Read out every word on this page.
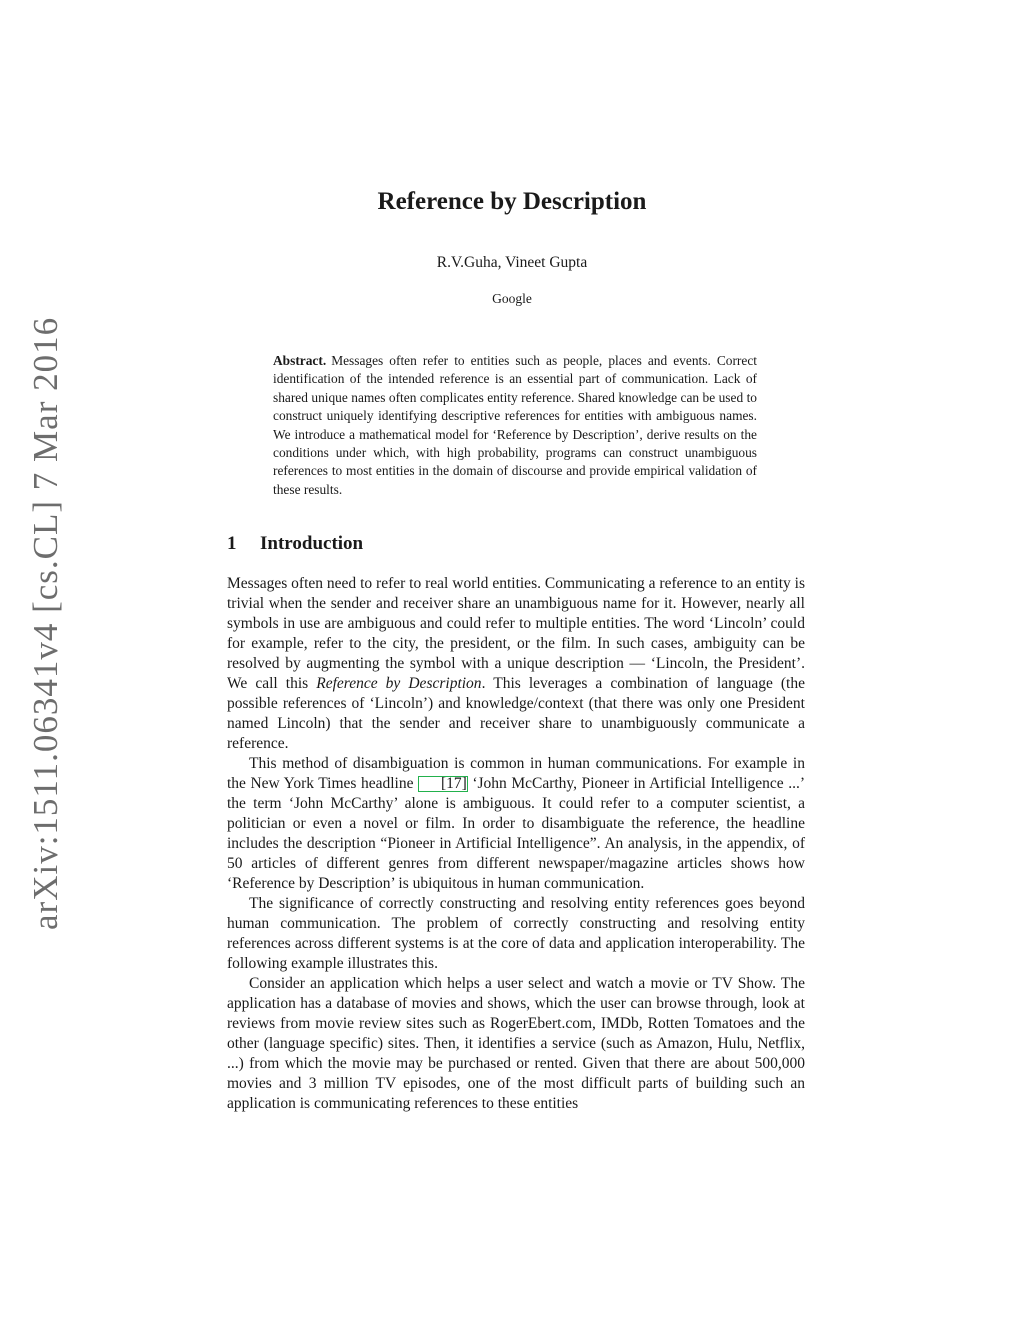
arXiv:1511.06341v4 [cs.CL] 7 Mar 2016
Reference by Description
R.V.Guha, Vineet Gupta
Google
Abstract. Messages often refer to entities such as people, places and events. Correct identification of the intended reference is an essential part of communication. Lack of shared unique names often complicates entity reference. Shared knowledge can be used to construct uniquely identifying descriptive references for entities with ambiguous names. We introduce a mathematical model for ‘Reference by Description’, derive results on the conditions under which, with high probability, programs can construct unambiguous references to most entities in the domain of discourse and provide empirical validation of these results.
1 Introduction

Messages often need to refer to real world entities. Communicating a reference to an entity is trivial when the sender and receiver share an unambiguous name for it. However, nearly all symbols in use are ambiguous and could refer to multiple entities. The word ‘Lincoln’ could for example, refer to the city, the president, or the film. In such cases, ambiguity can be resolved by augmenting the symbol with a unique description — ‘Lincoln, the President’. We call this Reference by Description. This leverages a combination of language (the possible references of ‘Lincoln’) and knowledge/context (that there was only one President named Lincoln) that the sender and receiver share to unambiguously communicate a reference.

This method of disambiguation is common in human communications. For example in the New York Times headline [17] ‘John McCarthy, Pioneer in Artificial Intelligence ...’ the term ‘John McCarthy’ alone is ambiguous. It could refer to a computer scientist, a politician or even a novel or film. In order to disambiguate the reference, the headline includes the description “Pioneer in Artificial Intelligence”. An analysis, in the appendix, of 50 articles of different genres from different newspaper/magazine articles shows how ‘Reference by Description’ is ubiquitous in human communication.

The significance of correctly constructing and resolving entity references goes beyond human communication. The problem of correctly constructing and resolving entity references across different systems is at the core of data and application interoperability. The following example illustrates this.

Consider an application which helps a user select and watch a movie or TV Show. The application has a database of movies and shows, which the user can browse through, look at reviews from movie review sites such as RogerEbert.com, IMDb, Rotten Tomatoes and the other (language specific) sites. Then, it identifies a service (such as Amazon, Hulu, Netflix, ...) from which the movie may be purchased or rented. Given that there are about 500,000 movies and 3 million TV episodes, one of the most difficult parts of building such an application is communicating references to these entities
